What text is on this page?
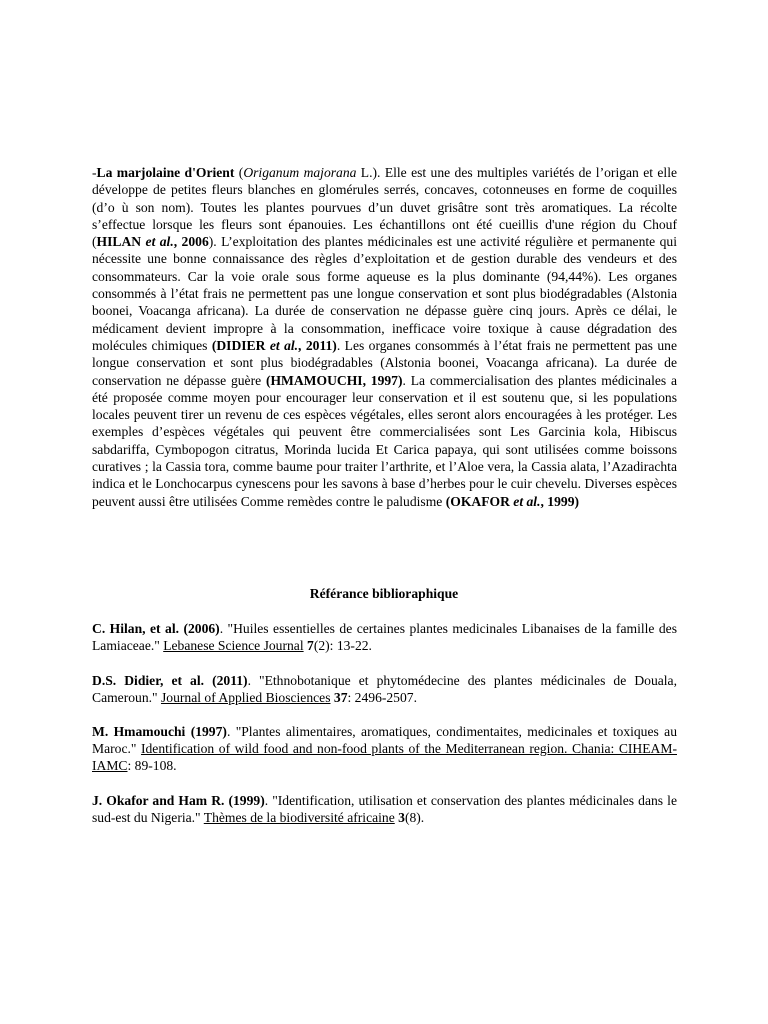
-La marjolaine d'Orient (Origanum majorana L.). Elle est une des multiples variétés de l’origan et elle développe de petites fleurs blanches en glomérules serrés, concaves, cotonneuses en forme de coquilles (d’o ù son nom). Toutes les plantes pourvues d’un duvet grisâtre sont très aromatiques. La récolte s’effectue lorsque les fleurs sont épanouies. Les échantillons ont été cueillis d'une région du Chouf (HILAN et al., 2006). L’exploitation des plantes médicinales est une activité régulière et permanente qui nécessite une bonne connaissance des règles d’exploitation et de gestion durable des vendeurs et des consommateurs. Car la voie orale sous forme aqueuse es la plus dominante (94,44%). Les organes consommés à l’état frais ne permettent pas une longue conservation et sont plus biodégradables (Alstonia boonei, Voacanga africana). La durée de conservation ne dépasse guère cinq jours. Après ce délai, le médicament devient impropre à la consommation, inefficace voire toxique à cause dégradation des molécules chimiques (DIDIER et al., 2011). Les organes consommés à l’état frais ne permettent pas une longue conservation et sont plus biodégradables (Alstonia boonei, Voacanga africana). La durée de conservation ne dépasse guère (HMAMOUCHI, 1997). La commercialisation des plantes médicinales a été proposée comme moyen pour encourager leur conservation et il est soutenu que, si les populations locales peuvent tirer un revenu de ces espèces végétales, elles seront alors encouragées à les protéger. Les exemples d’espèces végétales qui peuvent être commercialisées sont Les Garcinia kola, Hibiscus sabdariffa, Cymbopogon citratus, Morinda lucida Et Carica papaya, qui sont utilisées comme boissons curatives ; la Cassia tora, comme baume pour traiter l’arthrite, et l’Aloe vera, la Cassia alata, l’Azadirachta indica et le Lonchocarpus cynescens pour les savons à base d’herbes pour le cuir chevelu. Diverses espèces peuvent aussi être utilisées Comme remèdes contre le paludisme (OKAFOR et al., 1999)

Référance biblioraphique

C. Hilan, et al. (2006). "Huiles essentielles de certaines plantes medicinales Libanaises de la famille des Lamiaceae." Lebanese Science Journal 7(2): 13-22.

D.S. Didier, et al. (2011). "Ethnobotanique et phytomédecine des plantes médicinales de Douala, Cameroun." Journal of Applied Biosciences 37: 2496-2507.

M. Hmamouchi (1997). "Plantes alimentaires, aromatiques, condimentaites, medicinales et toxiques au Maroc." Identification of wild food and non-food plants of the Mediterranean region. Chania: CIHEAM-IAMC: 89-108.

J. Okafor and Ham R. (1999). "Identification, utilisation et conservation des plantes médicinales dans le sud-est du Nigeria." Thèmes de la biodiversité africaine 3(8).
